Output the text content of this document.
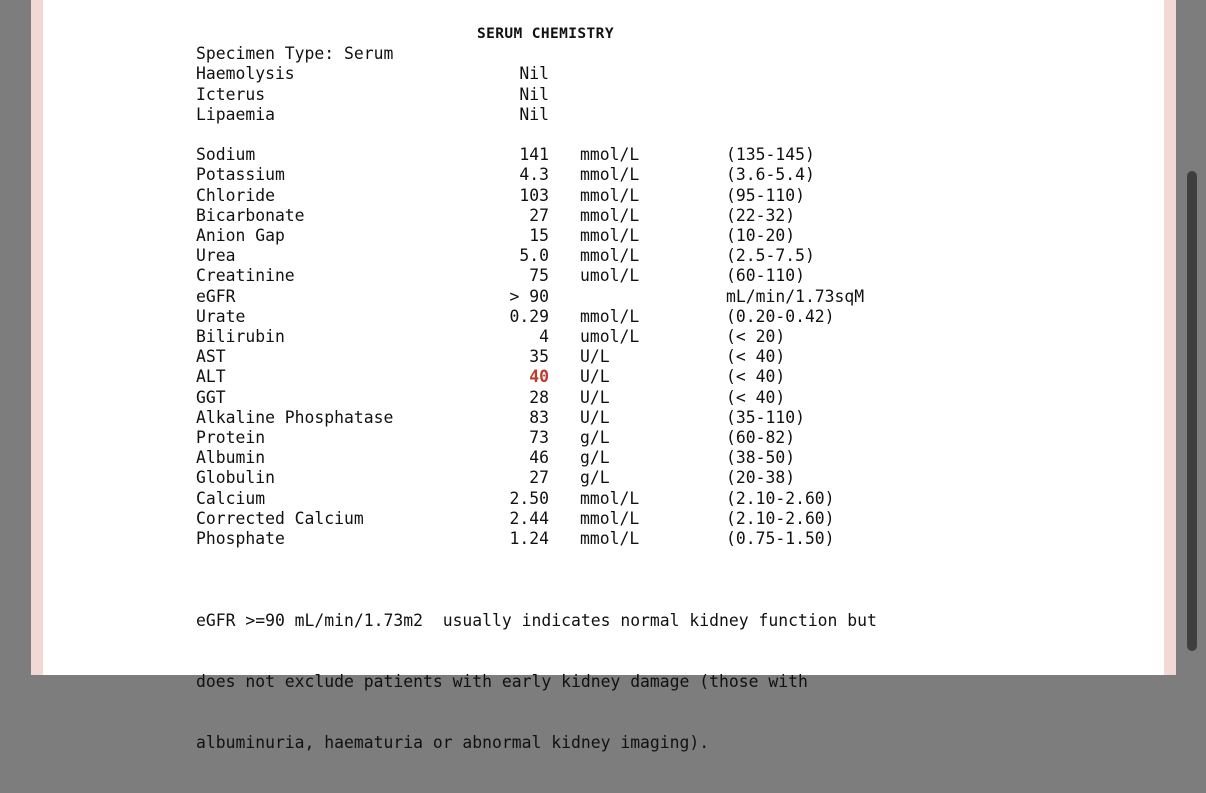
SERUM CHEMISTRY
Specimen Type: Serum
Haemolysis	Nil
Icterus	Nil
Lipaemia	Nil
Sodium	141 mmol/L	(135-145)
Potassium	4.3 mmol/L	(3.6-5.4)
Chloride	103 mmol/L	(95-110)
Bicarbonate	27 mmol/L	(22-32)
Anion Gap	15 mmol/L	(10-20)
Urea	5.0 mmol/L	(2.5-7.5)
Creatinine	75 umol/L	(60-110)
eGFR	> 90	mL/min/1.73sqM
Urate	0.29 mmol/L	(0.20-0.42)
Bilirubin	4 umol/L	(< 20)
AST	35 U/L	(< 40)
ALT	40 U/L	(< 40)
GGT	28 U/L	(< 40)
Alkaline Phosphatase	83 U/L	(35-110)
Protein	73 g/L	(60-82)
Albumin	46 g/L	(38-50)
Globulin	27 g/L	(20-38)
Calcium	2.50 mmol/L	(2.10-2.60)
Corrected Calcium	2.44 mmol/L	(2.10-2.60)
Phosphate	1.24 mmol/L	(0.75-1.50)

eGFR >=90 mL/min/1.73m2  usually indicates normal kidney function but

does not exclude patients with early kidney damage (those with

albuminuria, haematuria or abnormal kidney imaging).
